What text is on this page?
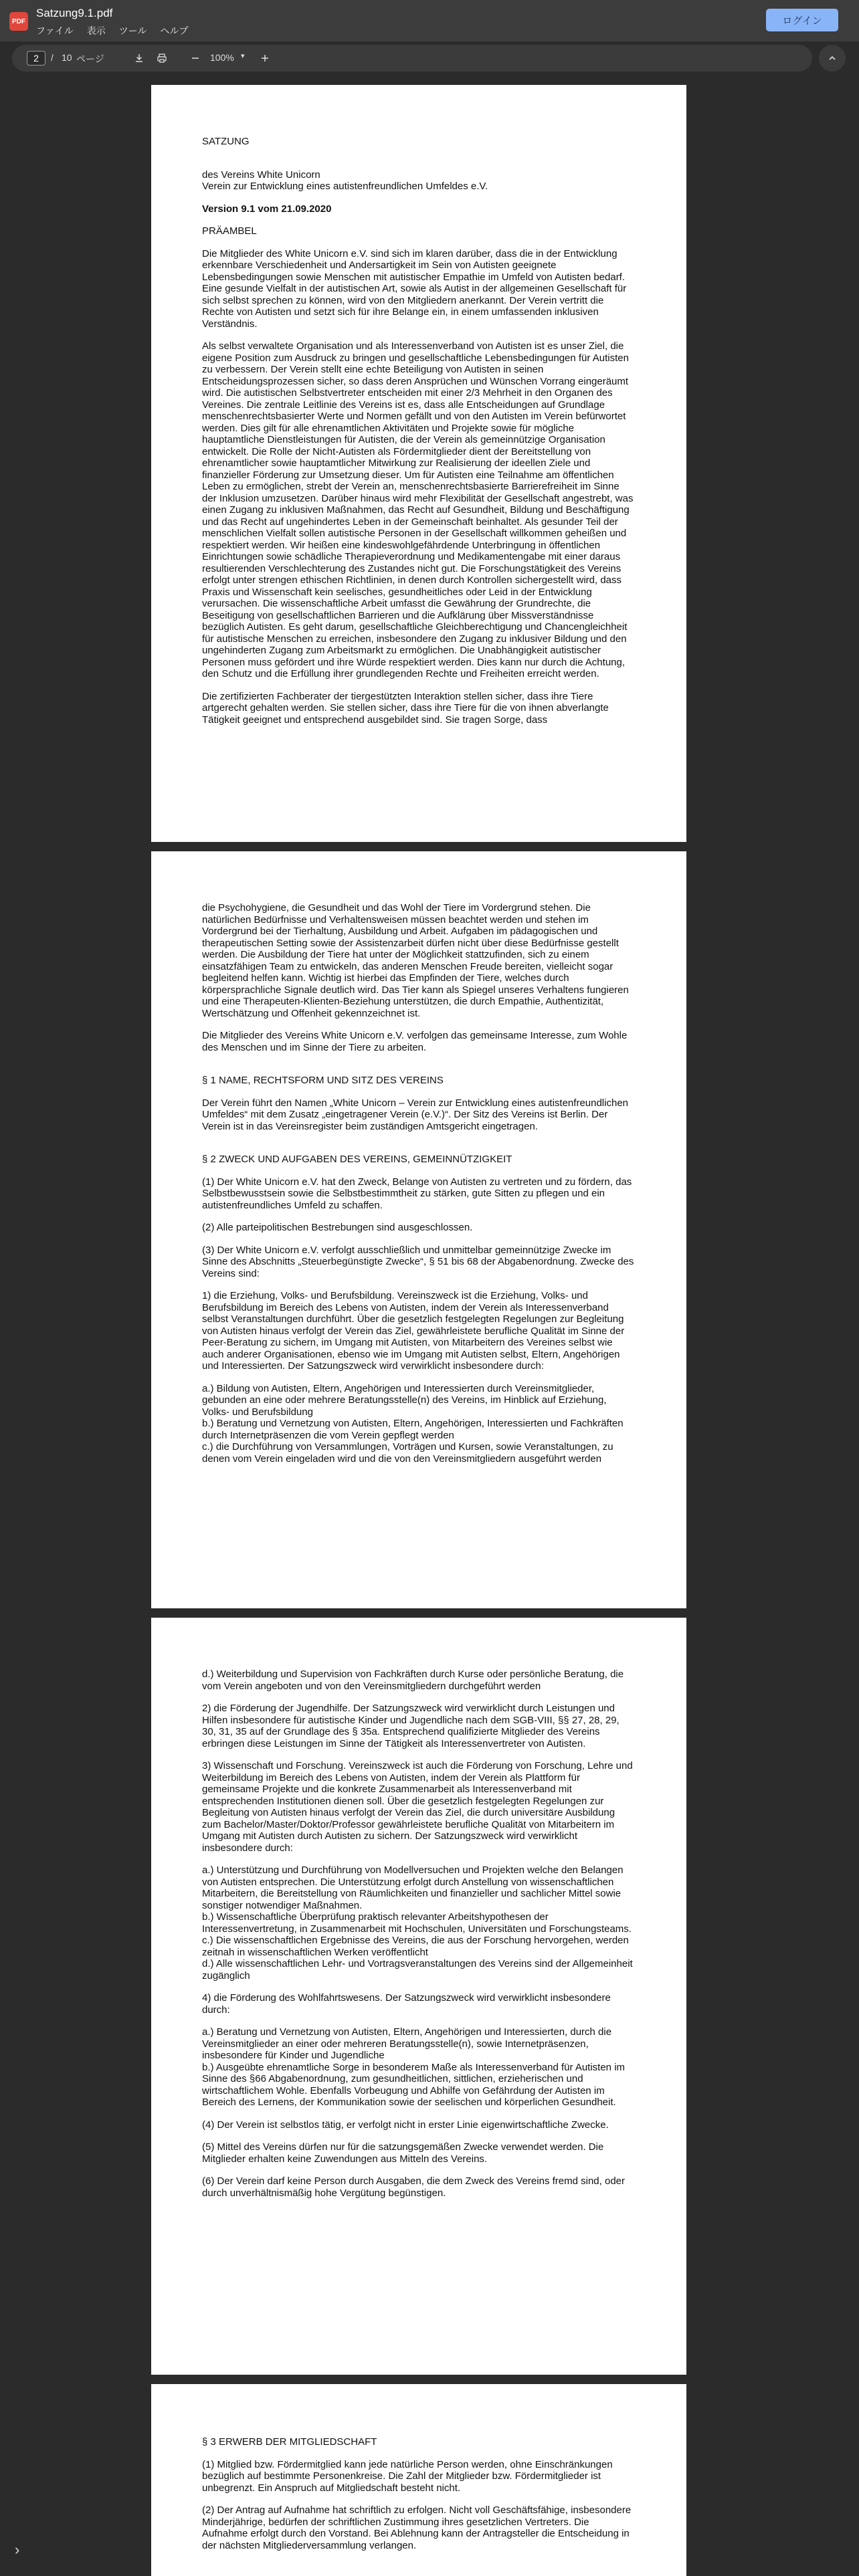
PDF
Satzung9.1.pdf
ファイル 表示 ツール ヘルプ
ログイン
2	/ 10 ページ	100% ▾

SATZUNG

des Vereins White Unicorn

Verein zur Entwicklung eines autistenfreundlichen Umfeldes e.V.

Version 9.1 vom 21.09.2020

PRÄAMBEL

Die Mitglieder des White Unicorn e.V. sind sich im klaren darüber, dass die in der Entwicklung erkennbare Verschiedenheit und Andersartigkeit im Sein von Autisten geeignete Lebensbedingungen sowie Menschen mit autistischer Empathie im Umfeld von Autisten bedarf. Eine gesunde Vielfalt in der autistischen Art, sowie als Autist in der allgemeinen Gesellschaft für sich selbst sprechen zu können, wird von den Mitgliedern anerkannt. Der Verein vertritt die Rechte von Autisten und setzt sich für ihre Belange ein, in einem umfassenden inklusiven Verständnis.

Als selbst verwaltete Organisation und als Interessenverband von Autisten ist es unser Ziel, die eigene Position zum Ausdruck zu bringen und gesellschaftliche Lebensbedingungen für Autisten zu verbessern. Der Verein stellt eine echte Beteiligung von Autisten in seinen Entscheidungsprozessen sicher, so dass deren Ansprüchen und Wünschen Vorrang eingeräumt wird. Die autistischen Selbstvertreter entscheiden mit einer 2/3 Mehrheit in den Organen des Vereines. Die zentrale Leitlinie des Vereins ist es, dass alle Entscheidungen auf Grundlage menschenrechtsbasierter Werte und Normen gefällt und von den Autisten im Verein befürwortet werden. Dies gilt für alle ehrenamtlichen Aktivitäten und Projekte sowie für mögliche hauptamtliche Dienstleistungen für Autisten, die der Verein als gemeinnützige Organisation entwickelt. Die Rolle der Nicht-Autisten als Fördermitglieder dient der Bereitstellung von ehrenamtlicher sowie hauptamtlicher Mitwirkung zur Realisierung der ideellen Ziele und finanzieller Förderung zur Umsetzung dieser. Um für Autisten eine Teilnahme am öffentlichen Leben zu ermöglichen, strebt der Verein an, menschenrechtsbasierte Barrierefreiheit im Sinne der Inklusion umzusetzen. Darüber hinaus wird mehr Flexibilität der Gesellschaft angestrebt, was einen Zugang zu inklusiven Maßnahmen, das Recht auf Gesundheit, Bildung und Beschäftigung und das Recht auf ungehindertes Leben in der Gemeinschaft beinhaltet. Als gesunder Teil der menschlichen Vielfalt sollen autistische Personen in der Gesellschaft willkommen geheißen und respektiert werden. Wir heißen eine kindeswohlgefährdende Unterbringung in öffentlichen Einrichtungen sowie schädliche Therapieverordnung und Medikamentengabe mit einer daraus resultierenden Verschlechterung des Zustandes nicht gut. Die Forschungstätigkeit des Vereins erfolgt unter strengen ethischen Richtlinien, in denen durch Kontrollen sichergestellt wird, dass Praxis und Wissenschaft kein seelisches, gesundheitliches oder Leid in der Entwicklung verursachen. Die wissenschaftliche Arbeit umfasst die Gewährung der Grundrechte, die Beseitigung von gesellschaftlichen Barrieren und die Aufklärung über Missverständnisse bezüglich Autisten. Es geht darum, gesellschaftliche Gleichberechtigung und Chancengleichheit für autistische Menschen zu erreichen, insbesondere den Zugang zu inklusiver Bildung und den ungehinderten Zugang zum Arbeitsmarkt zu ermöglichen. Die Unabhängigkeit autistischer Personen muss gefördert und ihre Würde respektiert werden. Dies kann nur durch die Achtung, den Schutz und die Erfüllung ihrer grundlegenden Rechte und Freiheiten erreicht werden.

Die zertifizierten Fachberater der tiergestützten Interaktion stellen sicher, dass ihre Tiere artgerecht gehalten werden. Sie stellen sicher, dass ihre Tiere für die von ihnen abverlangte Tätigkeit geeignet und entsprechend ausgebildet sind. Sie tragen Sorge, dass

die Psychohygiene, die Gesundheit und das Wohl der Tiere im Vordergrund stehen. Die natürlichen Bedürfnisse und Verhaltensweisen müssen beachtet werden und stehen im Vordergrund bei der Tierhaltung, Ausbildung und Arbeit. Aufgaben im pädagogischen und therapeutischen Setting sowie der Assistenzarbeit dürfen nicht über diese Bedürfnisse gestellt werden. Die Ausbildung der Tiere hat unter der Möglichkeit stattzufinden, sich zu einem einsatzfähigen Team zu entwickeln, das anderen Menschen Freude bereiten, vielleicht sogar begleitend helfen kann. Wichtig ist hierbei das Empfinden der Tiere, welches durch körpersprachliche Signale deutlich wird. Das Tier kann als Spiegel unseres Verhaltens fungieren und eine Therapeuten-Klienten-Beziehung unterstützen, die durch Empathie, Authentizität, Wertschätzung und Offenheit gekennzeichnet ist.

Die Mitglieder des Vereins White Unicorn e.V. verfolgen das gemeinsame Interesse, zum Wohle des Menschen und im Sinne der Tiere zu arbeiten.

§ 1 NAME, RECHTSFORM UND SITZ DES VEREINS

Der Verein führt den Namen „White Unicorn – Verein zur Entwicklung eines autistenfreundlichen Umfeldes“ mit dem Zusatz „eingetragener Verein (e.V.)“. Der Sitz des Vereins ist Berlin. Der Verein ist in das Vereinsregister beim zuständigen Amtsgericht eingetragen.

§ 2 ZWECK UND AUFGABEN DES VEREINS, GEMEINNÜTZIGKEIT

(1) Der White Unicorn e.V. hat den Zweck, Belange von Autisten zu vertreten und zu fördern, das Selbstbewusstsein sowie die Selbstbestimmtheit zu stärken, gute Sitten zu pflegen und ein autistenfreundliches Umfeld zu schaffen.

(2) Alle parteipolitischen Bestrebungen sind ausgeschlossen.

(3) Der White Unicorn e.V. verfolgt ausschließlich und unmittelbar gemeinnützige Zwecke im Sinne des Abschnitts „Steuerbegünstigte Zwecke“, § 51 bis 68 der Abgabenordnung. Zwecke des Vereins sind:

1) die Erziehung, Volks- und Berufsbildung. Vereinszweck ist die Erziehung, Volks- und Berufsbildung im Bereich des Lebens von Autisten, indem der Verein als Interessenverband selbst Veranstaltungen durchführt. Über die gesetzlich festgelegten Regelungen zur Begleitung von Autisten hinaus verfolgt der Verein das Ziel, gewährleistete berufliche Qualität im Sinne der Peer-Beratung zu sichern, im Umgang mit Autisten, von Mitarbeitern des Vereines selbst wie auch anderer Organisationen, ebenso wie im Umgang mit Autisten selbst, Eltern, Angehörigen und Interessierten. Der Satzungszweck wird verwirklicht insbesondere durch:

a.) Bildung von Autisten, Eltern, Angehörigen und Interessierten durch Vereinsmitglieder, gebunden an eine oder mehrere Beratungsstelle(n) des Vereins, im Hinblick auf Erziehung, Volks- und Berufsbildung
b.) Beratung und Vernetzung von Autisten, Eltern, Angehörigen, Interessierten und Fachkräften durch Internetpräsenzen die vom Verein gepflegt werden
c.) die Durchführung von Versammlungen, Vorträgen und Kursen, sowie Veranstaltungen, zu denen vom Verein eingeladen wird und die von den Vereinsmitgliedern ausgeführt werden

d.) Weiterbildung und Supervision von Fachkräften durch Kurse oder persönliche Beratung, die vom Verein angeboten und von den Vereinsmitgliedern durchgeführt werden

2) die Förderung der Jugendhilfe. Der Satzungszweck wird verwirklicht durch Leistungen und Hilfen insbesondere für autistische Kinder und Jugendliche nach dem SGB-VIII, §§ 27, 28, 29, 30, 31, 35 auf der Grundlage des § 35a. Entsprechend qualifizierte Mitglieder des Vereins erbringen diese Leistungen im Sinne der Tätigkeit als Interessenvertreter von Autisten.

3) Wissenschaft und Forschung. Vereinszweck ist auch die Förderung von Forschung, Lehre und Weiterbildung im Bereich des Lebens von Autisten, indem der Verein als Plattform für gemeinsame Projekte und die konkrete Zusammenarbeit als Interessenverband mit entsprechenden Institutionen dienen soll. Über die gesetzlich festgelegten Regelungen zur Begleitung von Autisten hinaus verfolgt der Verein das Ziel, die durch universitäre Ausbildung zum Bachelor/Master/Doktor/Professor gewährleistete berufliche Qualität von Mitarbeitern im Umgang mit Autisten durch Autisten zu sichern. Der Satzungszweck wird verwirklicht insbesondere durch:

a.) Unterstützung und Durchführung von Modellversuchen und Projekten welche den Belangen von Autisten entsprechen. Die Unterstützung erfolgt durch Anstellung von wissenschaftlichen Mitarbeitern, die Bereitstellung von Räumlichkeiten und finanzieller und sachlicher Mittel sowie sonstiger notwendiger Maßnahmen.
b.) Wissenschaftliche Überprüfung praktisch relevanter Arbeitshypothesen der Interessenvertretung, in Zusammenarbeit mit Hochschulen, Universitäten und Forschungsteams.
c.) Die wissenschaftlichen Ergebnisse des Vereins, die aus der Forschung hervorgehen, werden zeitnah in wissenschaftlichen Werken veröffentlicht
d.) Alle wissenschaftlichen Lehr- und Vortragsveranstaltungen des Vereins sind der Allgemeinheit zugänglich

4) die Förderung des Wohlfahrtswesens. Der Satzungszweck wird verwirklicht insbesondere durch:

a.) Beratung und Vernetzung von Autisten, Eltern, Angehörigen und Interessierten, durch die Vereinsmitglieder an einer oder mehreren Beratungsstelle(n), sowie Internetpräsenzen, insbesondere für Kinder und Jugendliche
b.) Ausgeübte ehrenamtliche Sorge in besonderem Maße als Interessenverband für Autisten im Sinne des §66 Abgabenordnung, zum gesundheitlichen, sittlichen, erzieherischen und wirtschaftlichem Wohle. Ebenfalls Vorbeugung und Abhilfe von Gefährdung der Autisten im Bereich des Lernens, der Kommunikation sowie der seelischen und körperlichen Gesundheit.

(4) Der Verein ist selbstlos tätig, er verfolgt nicht in erster Linie eigenwirtschaftliche Zwecke.

(5) Mittel des Vereins dürfen nur für die satzungsgemäßen Zwecke verwendet werden. Die Mitglieder erhalten keine Zuwendungen aus Mitteln des Vereins.

(6) Der Verein darf keine Person durch Ausgaben, die dem Zweck des Vereins fremd sind, oder durch unverhältnismäßig hohe Vergütung begünstigen.

§ 3 ERWERB DER MITGLIEDSCHAFT

(1) Mitglied bzw. Fördermitglied kann jede natürliche Person werden, ohne Einschränkungen bezüglich auf bestimmte Personenkreise. Die Zahl der Mitglieder bzw. Fördermitglieder ist unbegrenzt. Ein Anspruch auf Mitgliedschaft besteht nicht.

(2) Der Antrag auf Aufnahme hat schriftlich zu erfolgen. Nicht voll Geschäftsfähige, insbesondere Minderjährige, bedürfen der schriftlichen Zustimmung ihres gesetzlichen Vertreters. Die Aufnahme erfolgt durch den Vorstand. Bei Ablehnung kann der Antragsteller die Entscheidung in der nächsten Mitgliederversammlung verlangen.

›
